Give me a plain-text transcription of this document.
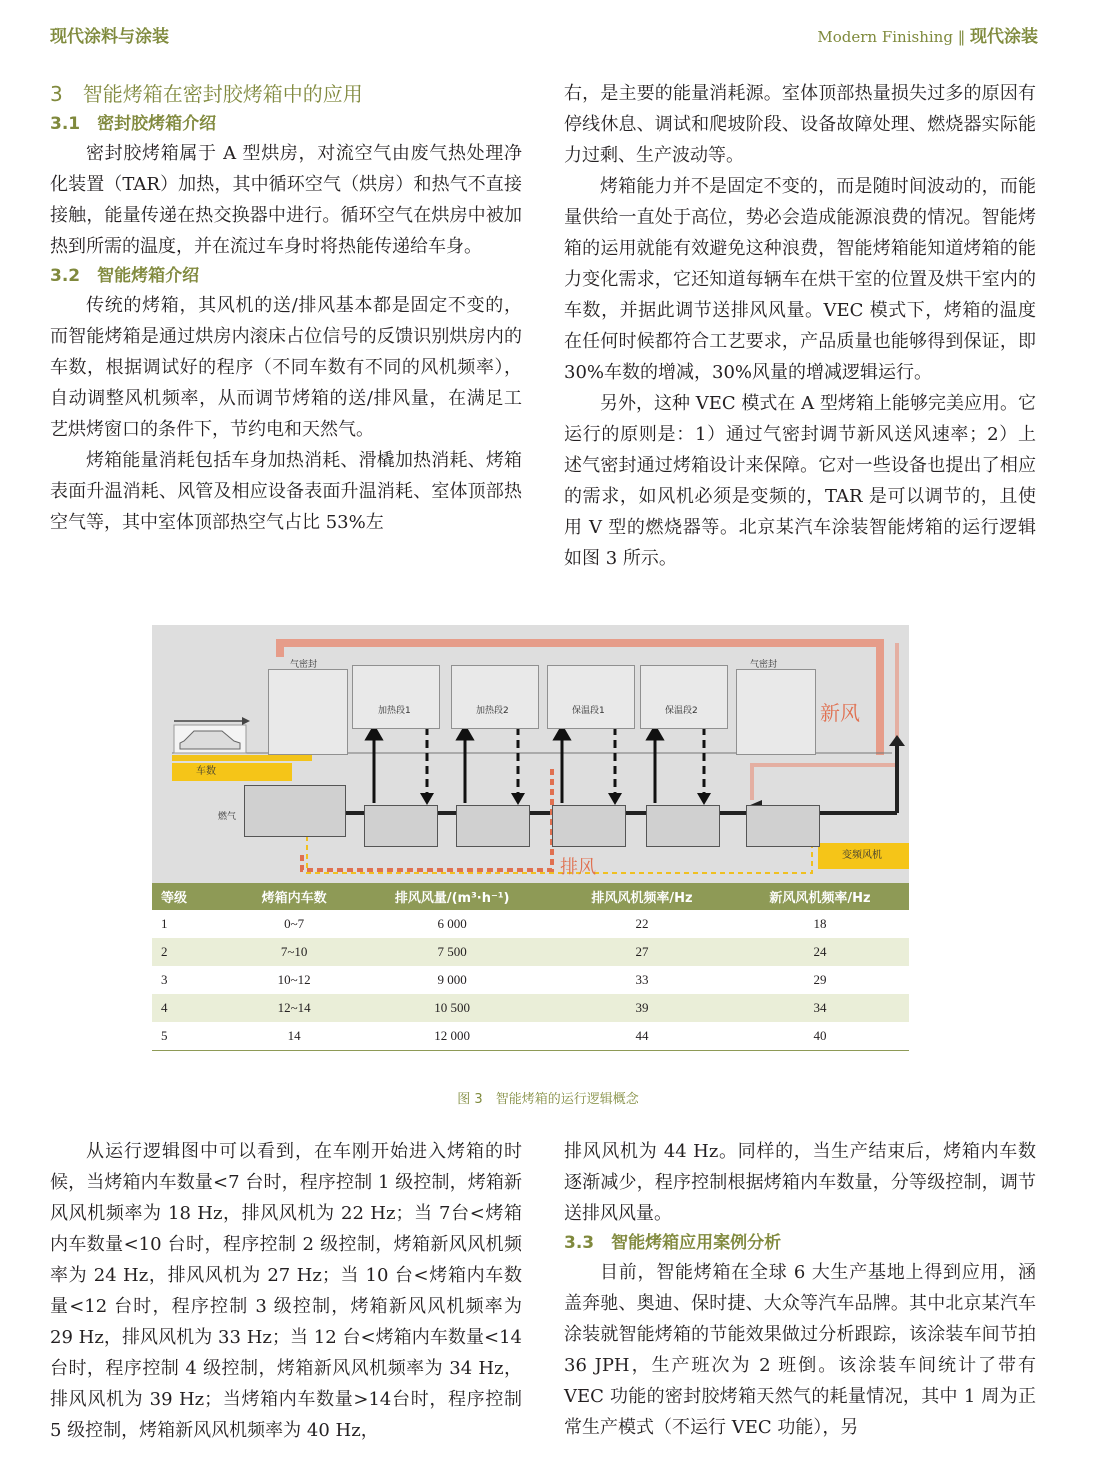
现代涂料与涂装	Modern Finishing ‖ 现代涂装
3　智能烤箱在密封胶烤箱中的应用
3.1　密封胶烤箱介绍

密封胶烤箱属于 A 型烘房，对流空气由废气热处理净化装置（TAR）加热，其中循环空气（烘房）和热气不直接接触，能量传递在热交换器中进行。循环空气在烘房中被加热到所需的温度，并在流过车身时将热能传递给车身。

3.2　智能烤箱介绍

传统的烤箱，其风机的送/排风基本都是固定不变的，而智能烤箱是通过烘房内滚床占位信号的反馈识别烘房内的车数，根据调试好的程序（不同车数有不同的风机频率），自动调整风机频率，从而调节烤箱的送/排风量，在满足工艺烘烤窗口的条件下，节约电和天然气。

烤箱能量消耗包括车身加热消耗、滑橇加热消耗、烤箱表面升温消耗、风管及相应设备表面升温消耗、室体顶部热空气等，其中室体顶部热空气占比 53%左

右，是主要的能量消耗源。室体顶部热量损失过多的原因有停线休息、调试和爬坡阶段、设备故障处理、燃烧器实际能力过剩、生产波动等。

烤箱能力并不是固定不变的，而是随时间波动的，而能量供给一直处于高位，势必会造成能源浪费的情况。智能烤箱的运用就能有效避免这种浪费，智能烤箱能知道烤箱的能力变化需求，它还知道每辆车在烘干室的位置及烘干室内的车数，并据此调节送排风风量。VEC 模式下，烤箱的温度在任何时候都符合工艺要求，产品质量也能够得到保证，即 30%车数的增减，30%风量的增减逻辑运行。

另外，这种 VEC 模式在 A 型烤箱上能够完美应用。它运行的原则是：1）通过气密封调节新风送风速率；2）上述气密封通过烤箱设计来保障。它对一些设备也提出了相应的需求，如风机必须是变频的，TAR 是可以调节的，且使用 V 型的燃烧器等。北京某汽车涂装智能烤箱的运行逻辑如图 3 所示。

气密封
加热段1	加热段2	保温段1	保温段2
气密封
新风
排风
车数
变频风机
燃气
等级	烤箱内车数	排风风量/(m³·h⁻¹)	排风风机频率/Hz	新风风机频率/Hz
1	0~7	6 000	22	18
2	7~10	7 500	27	24
3	10~12	9 000	33	29
4	12~14	10 500	39	34
5	14	12 000	44	40
图 3　智能烤箱的运行逻辑概念

从运行逻辑图中可以看到，在车刚开始进入烤箱的时候，当烤箱内车数量<7 台时，程序控制 1 级控制，烤箱新风风机频率为 18 Hz，排风风机为 22 Hz；当 7台<烤箱内车数量<10 台时，程序控制 2 级控制，烤箱新风风机频率为 24 Hz，排风风机为 27 Hz；当 10 台<烤箱内车数量<12 台时，程序控制 3 级控制，烤箱新风风机频率为 29 Hz，排风风机为 33 Hz；当 12 台<烤箱内车数量<14 台时，程序控制 4 级控制，烤箱新风风机频率为 34 Hz，排风风机为 39 Hz；当烤箱内车数量>14台时，程序控制 5 级控制，烤箱新风风机频率为 40 Hz，

排风风机为 44 Hz。同样的，当生产结束后，烤箱内车数逐渐减少，程序控制根据烤箱内车数量，分等级控制，调节送排风风量。

3.3　智能烤箱应用案例分析

目前，智能烤箱在全球 6 大生产基地上得到应用，涵盖奔驰、奥迪、保时捷、大众等汽车品牌。其中北京某汽车涂装就智能烤箱的节能效果做过分析跟踪，该涂装车间节拍 36 JPH，生产班次为 2 班倒。该涂装车间统计了带有 VEC 功能的密封胶烤箱天然气的耗量情况，其中 1 周为正常生产模式（不运行 VEC 功能），另
